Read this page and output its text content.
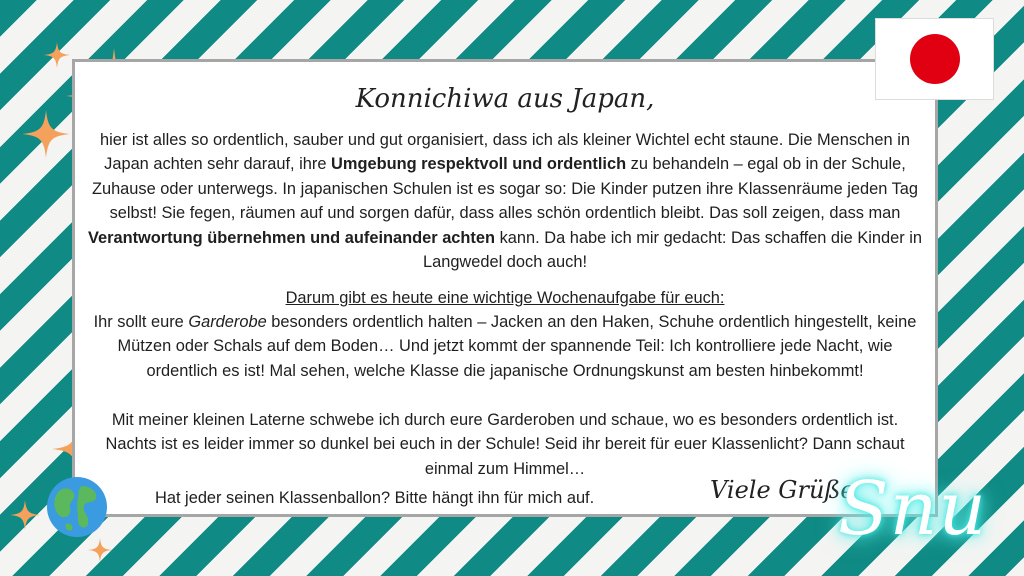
Konnichiwa aus Japan,
hier ist alles so ordentlich, sauber und gut organisiert, dass ich als kleiner Wichtel echt staune. Die Menschen in Japan achten sehr darauf, ihre Umgebung respektvoll und ordentlich zu behandeln – egal ob in der Schule, Zuhause oder unterwegs. In japanischen Schulen ist es sogar so: Die Kinder putzen ihre Klassenräume jeden Tag selbst! Sie fegen, räumen auf und sorgen dafür, dass alles schön ordentlich bleibt. Das soll zeigen, dass man Verantwortung übernehmen und aufeinander achten kann. Da habe ich mir gedacht: Das schaffen die Kinder in Langwedel doch auch!
Darum gibt es heute eine wichtige Wochenaufgabe für euch:
Ihr sollt eure Garderobe besonders ordentlich halten – Jacken an den Haken, Schuhe ordentlich hingestellt, keine Mützen oder Schals auf dem Boden… Und jetzt kommt der spannende Teil: Ich kontrolliere jede Nacht, wie ordentlich es ist! Mal sehen, welche Klasse die japanische Ordnungskunst am besten hinbekommt!
Mit meiner kleinen Laterne schwebe ich durch eure Garderoben und schaue, wo es besonders ordentlich ist. Nachts ist es leider immer so dunkel bei euch in der Schule! Seid ihr bereit für euer Klassenlicht? Dann schaut einmal zum Himmel…
Hat jeder seinen Klassenballon? Bitte hängt ihn für mich auf.	Viele Grüße
Snu
